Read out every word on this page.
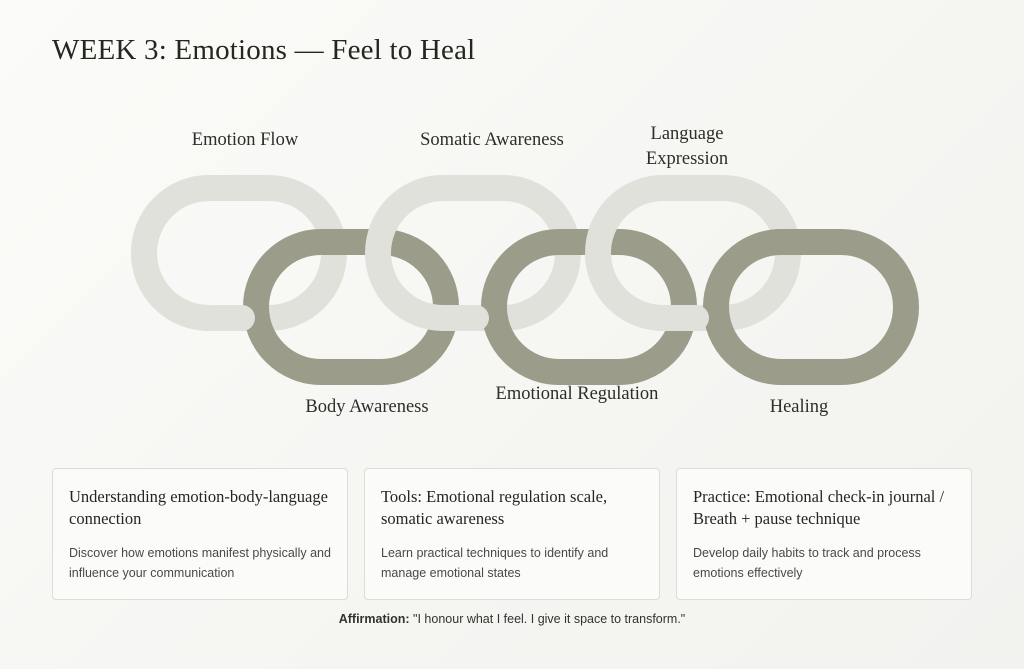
WEEK 3: Emotions — Feel to Heal
Emotion Flow	Somatic Awareness	Language Expression
Body Awareness
Emotional Regulation
Healing

Understanding emotion-body-language connection

Discover how emotions manifest physically and influence your communication

Tools: Emotional regulation scale, somatic awareness

Learn practical techniques to identify and manage emotional states

Practice: Emotional check-in journal / Breath + pause technique

Develop daily habits to track and process emotions effectively

Affirmation: "I honour what I feel. I give it space to transform."
